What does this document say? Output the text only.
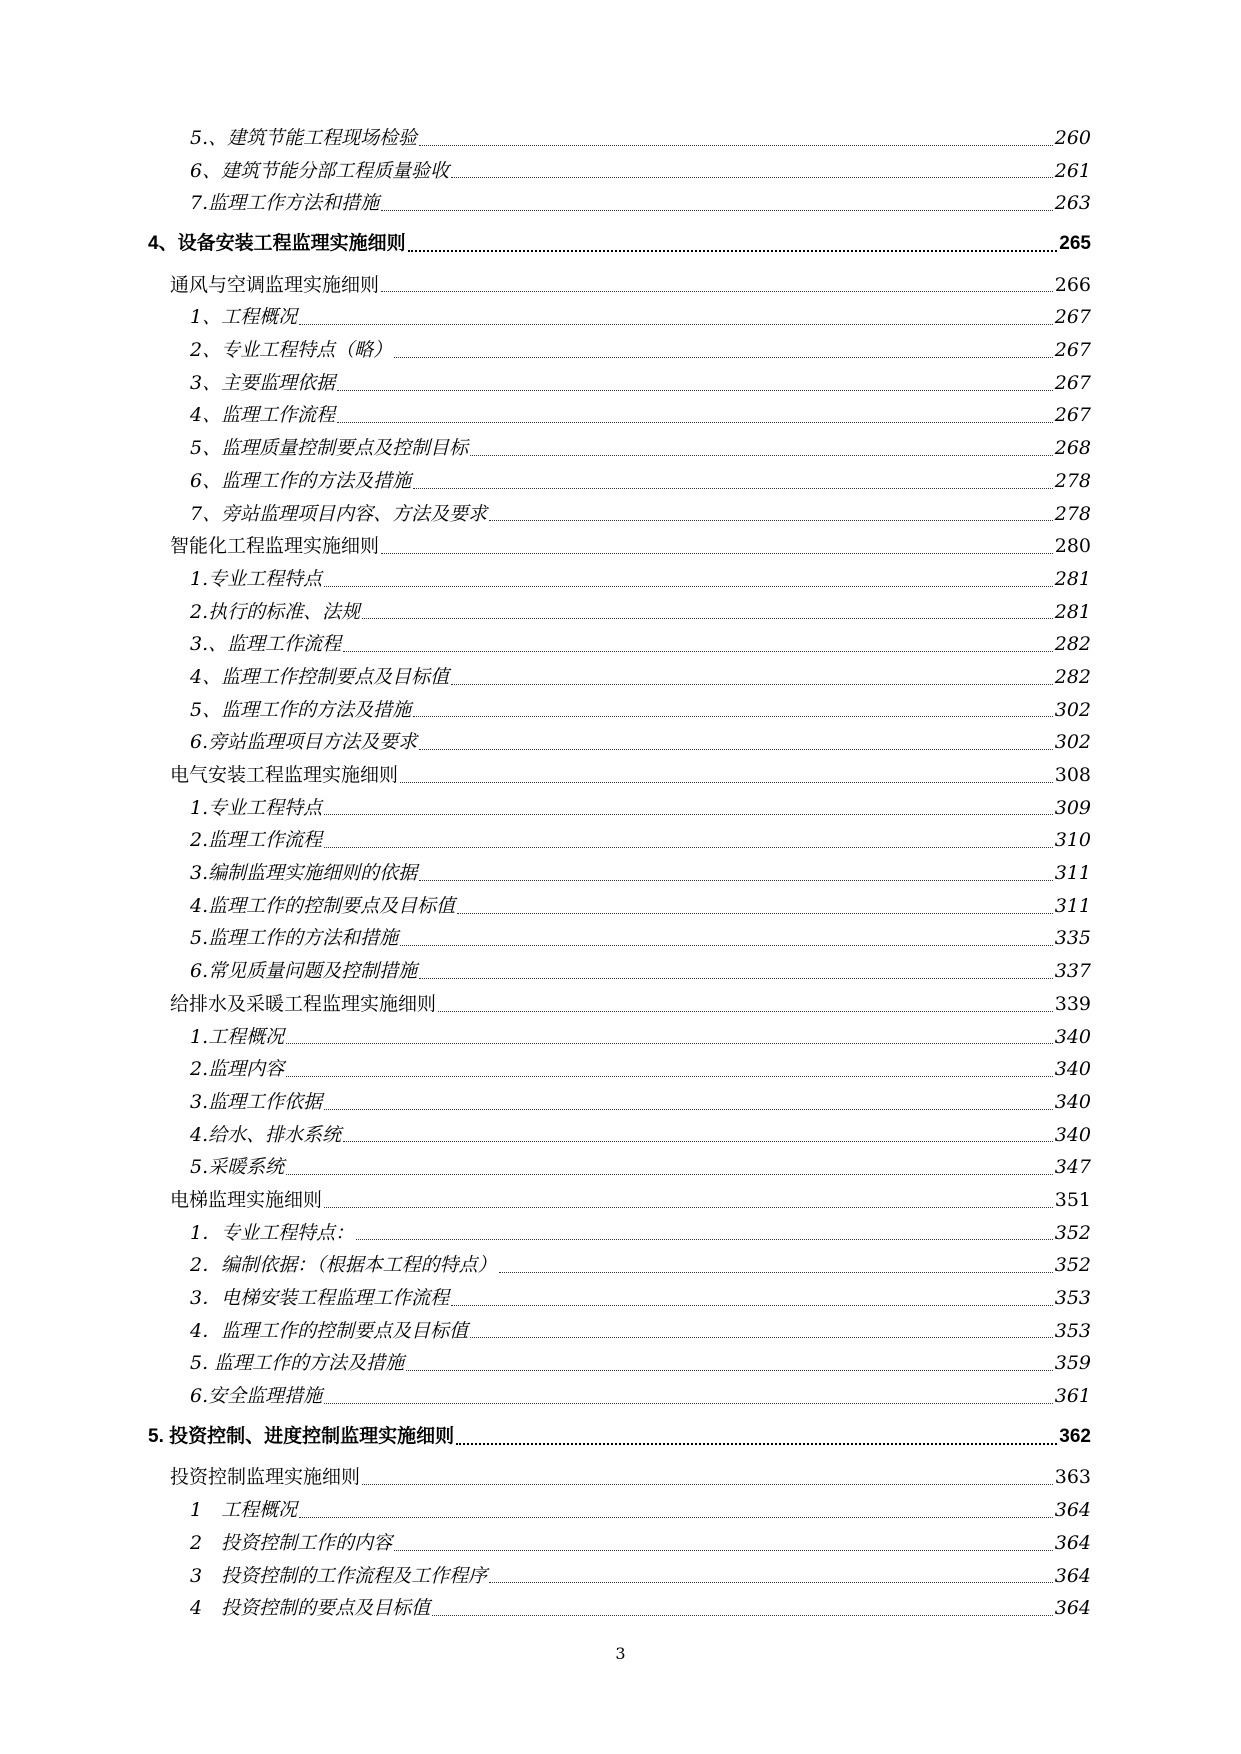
5.、建筑节能工程现场检验	260
6、建筑节能分部工程质量验收	261
7.监理工作方法和措施	263
4、设备安装工程监理实施细则	265
通风与空调监理实施细则	266
1、工程概况	267
2、专业工程特点（略）	267
3、主要监理依据	267
4、监理工作流程	267
5、监理质量控制要点及控制目标	268
6、监理工作的方法及措施	278
7、旁站监理项目内容、方法及要求	278
智能化工程监理实施细则	280
1.专业工程特点	281
2.执行的标准、法规	281
3.、监理工作流程	282
4、监理工作控制要点及目标值	282
5、监理工作的方法及措施	302
6.旁站监理项目方法及要求	302
电气安装工程监理实施细则	308
1.专业工程特点	309
2.监理工作流程	310
3.编制监理实施细则的依据	311
4.监理工作的控制要点及目标值	311
5.监理工作的方法和措施	335
6.常见质量问题及控制措施	337
给排水及采暖工程监理实施细则	339
1.工程概况	340
2.监理内容	340
3.监理工作依据	340
4.给水、排水系统	340
5.采暖系统	347
电梯监理实施细则	351
1．专业工程特点：	352
2．编制依据：（根据本工程的特点）	352
3．电梯安装工程监理工作流程	353
4．监理工作的控制要点及目标值	353
5. 监理工作的方法及措施	359
6.安全监理措施	361
5. 投资控制、进度控制监理实施细则	362
投资控制监理实施细则	363
1　工程概况	364
2　投资控制工作的内容	364
3　投资控制的工作流程及工作程序	364
4　投资控制的要点及目标值	364
3
